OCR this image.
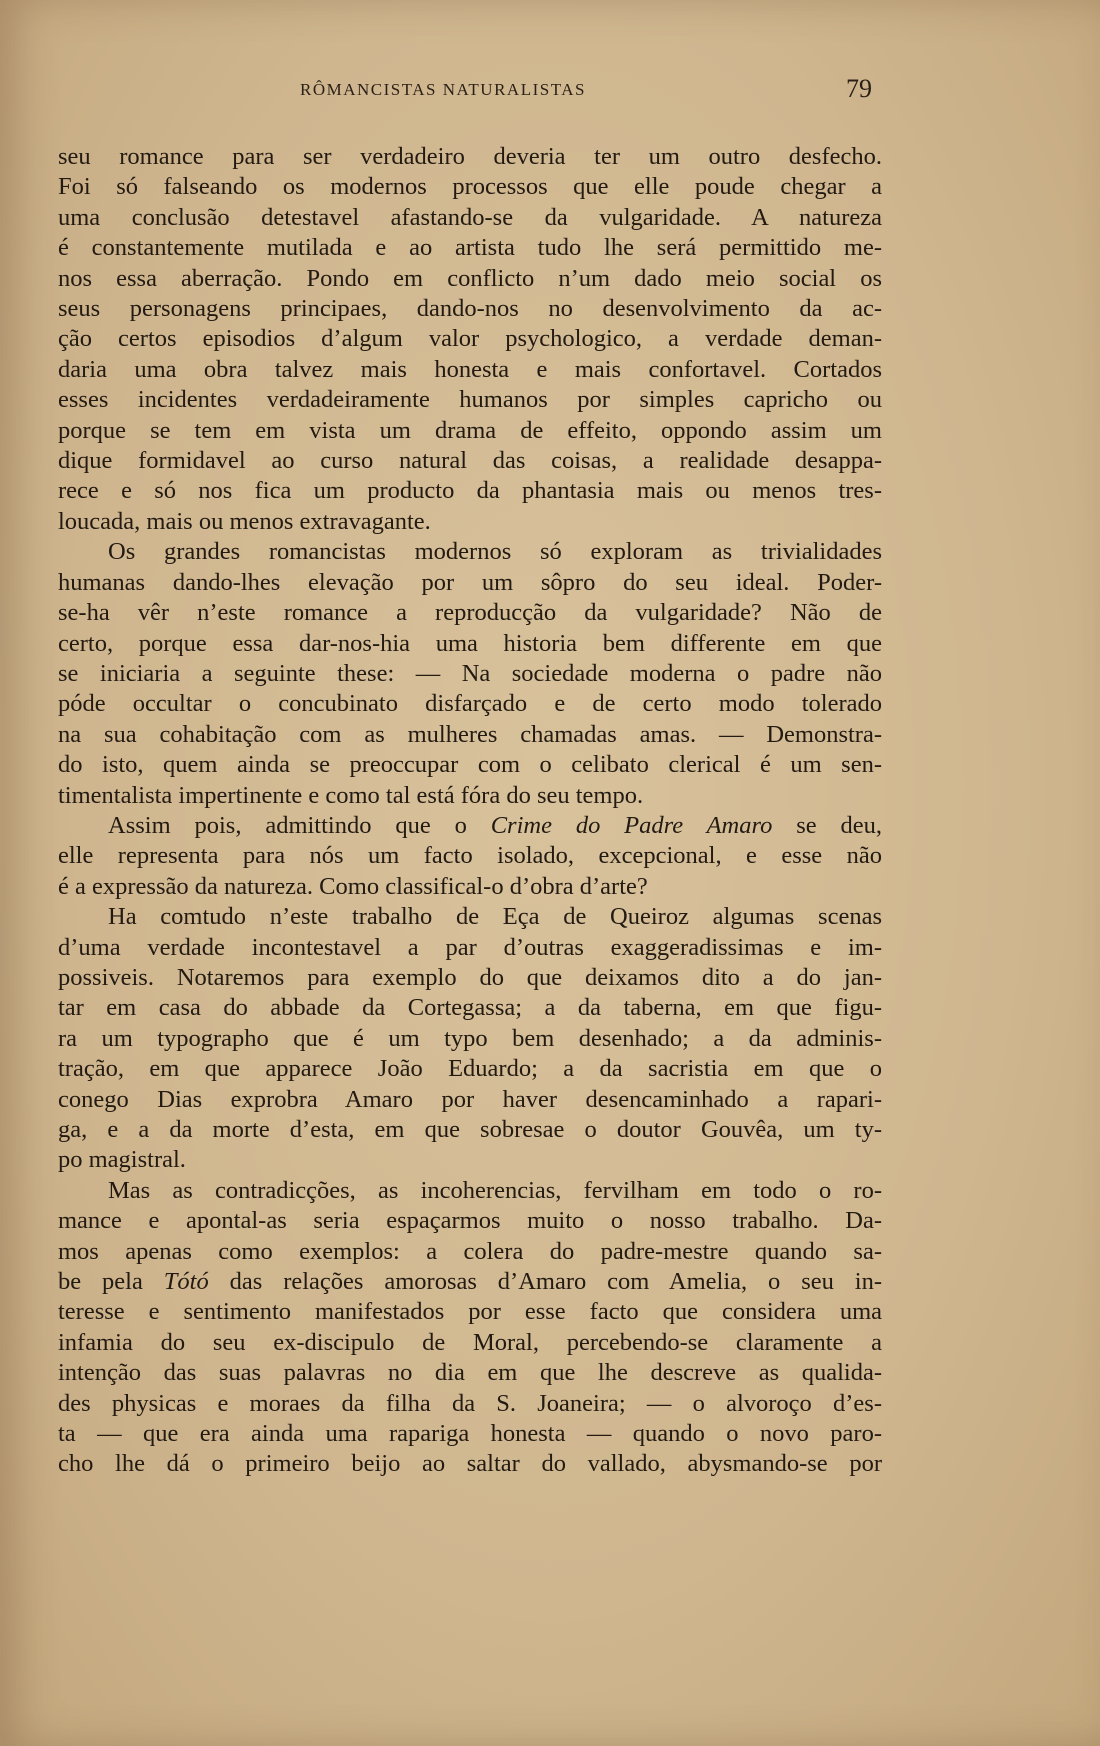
RÔMANCISTAS NATURALISTAS	79
seu romance para ser verdadeiro deveria ter um outro desfecho.
Foi só falseando os modernos processos que elle poude chegar a
uma conclusão detestavel afastando-se da vulgaridade. A natureza
é constantemente mutilada e ao artista tudo lhe será permittido me-
nos essa aberração. Pondo em conflicto n’um dado meio social os
seus personagens principaes, dando-nos no desenvolvimento da ac-
ção certos episodios d’algum valor psychologico, a verdade deman-
daria uma obra talvez mais honesta e mais confortavel. Cortados
esses incidentes verdadeiramente humanos por simples capricho ou
porque se tem em vista um drama de effeito, oppondo assim um
dique formidavel ao curso natural das coisas, a realidade desappa-
rece e só nos fica um producto da phantasia mais ou menos tres-
loucada, mais ou menos extravagante.
Os grandes romancistas modernos só exploram as trivialidades
humanas dando-lhes elevação por um sôpro do seu ideal. Poder-
se-ha vêr n’este romance a reproducção da vulgaridade? Não de
certo, porque essa dar-nos-hia uma historia bem differente em que
se iniciaria a seguinte these: — Na sociedade moderna o padre não
póde occultar o concubinato disfarçado e de certo modo tolerado
na sua cohabitação com as mulheres chamadas amas. — Demonstra-
do isto, quem ainda se preoccupar com o celibato clerical é um sen-
timentalista impertinente e como tal está fóra do seu tempo.
Assim pois, admittindo que o Crime do Padre Amaro se deu,
elle representa para nós um facto isolado, excepcional, e esse não
é a expressão da natureza. Como classifical-o d’obra d’arte?
Ha comtudo n’este trabalho de Eça de Queiroz algumas scenas
d’uma verdade incontestavel a par d’outras exaggeradissimas e im-
possiveis. Notaremos para exemplo do que deixamos dito a do jan-
tar em casa do abbade da Cortegassa; a da taberna, em que figu-
ra um typographo que é um typo bem desenhado; a da adminis-
tração, em que apparece João Eduardo; a da sacristia em que o
conego Dias exprobra Amaro por haver desencaminhado a rapari-
ga, e a da morte d’esta, em que sobresae o doutor Gouvêa, um ty-
po magistral.
Mas as contradicções, as incoherencias, fervilham em todo o ro-
mance e apontal-as seria espaçarmos muito o nosso trabalho. Da-
mos apenas como exemplos: a colera do padre-mestre quando sa-
be pela Tótó das relações amorosas d’Amaro com Amelia, o seu in-
teresse e sentimento manifestados por esse facto que considera uma
infamia do seu ex-discipulo de Moral, percebendo-se claramente a
intenção das suas palavras no dia em que lhe descreve as qualida-
des physicas e moraes da filha da S. Joaneira; — o alvoroço d’es-
ta — que era ainda uma rapariga honesta — quando o novo paro-
cho lhe dá o primeiro beijo ao saltar do vallado, abysmando-se por
